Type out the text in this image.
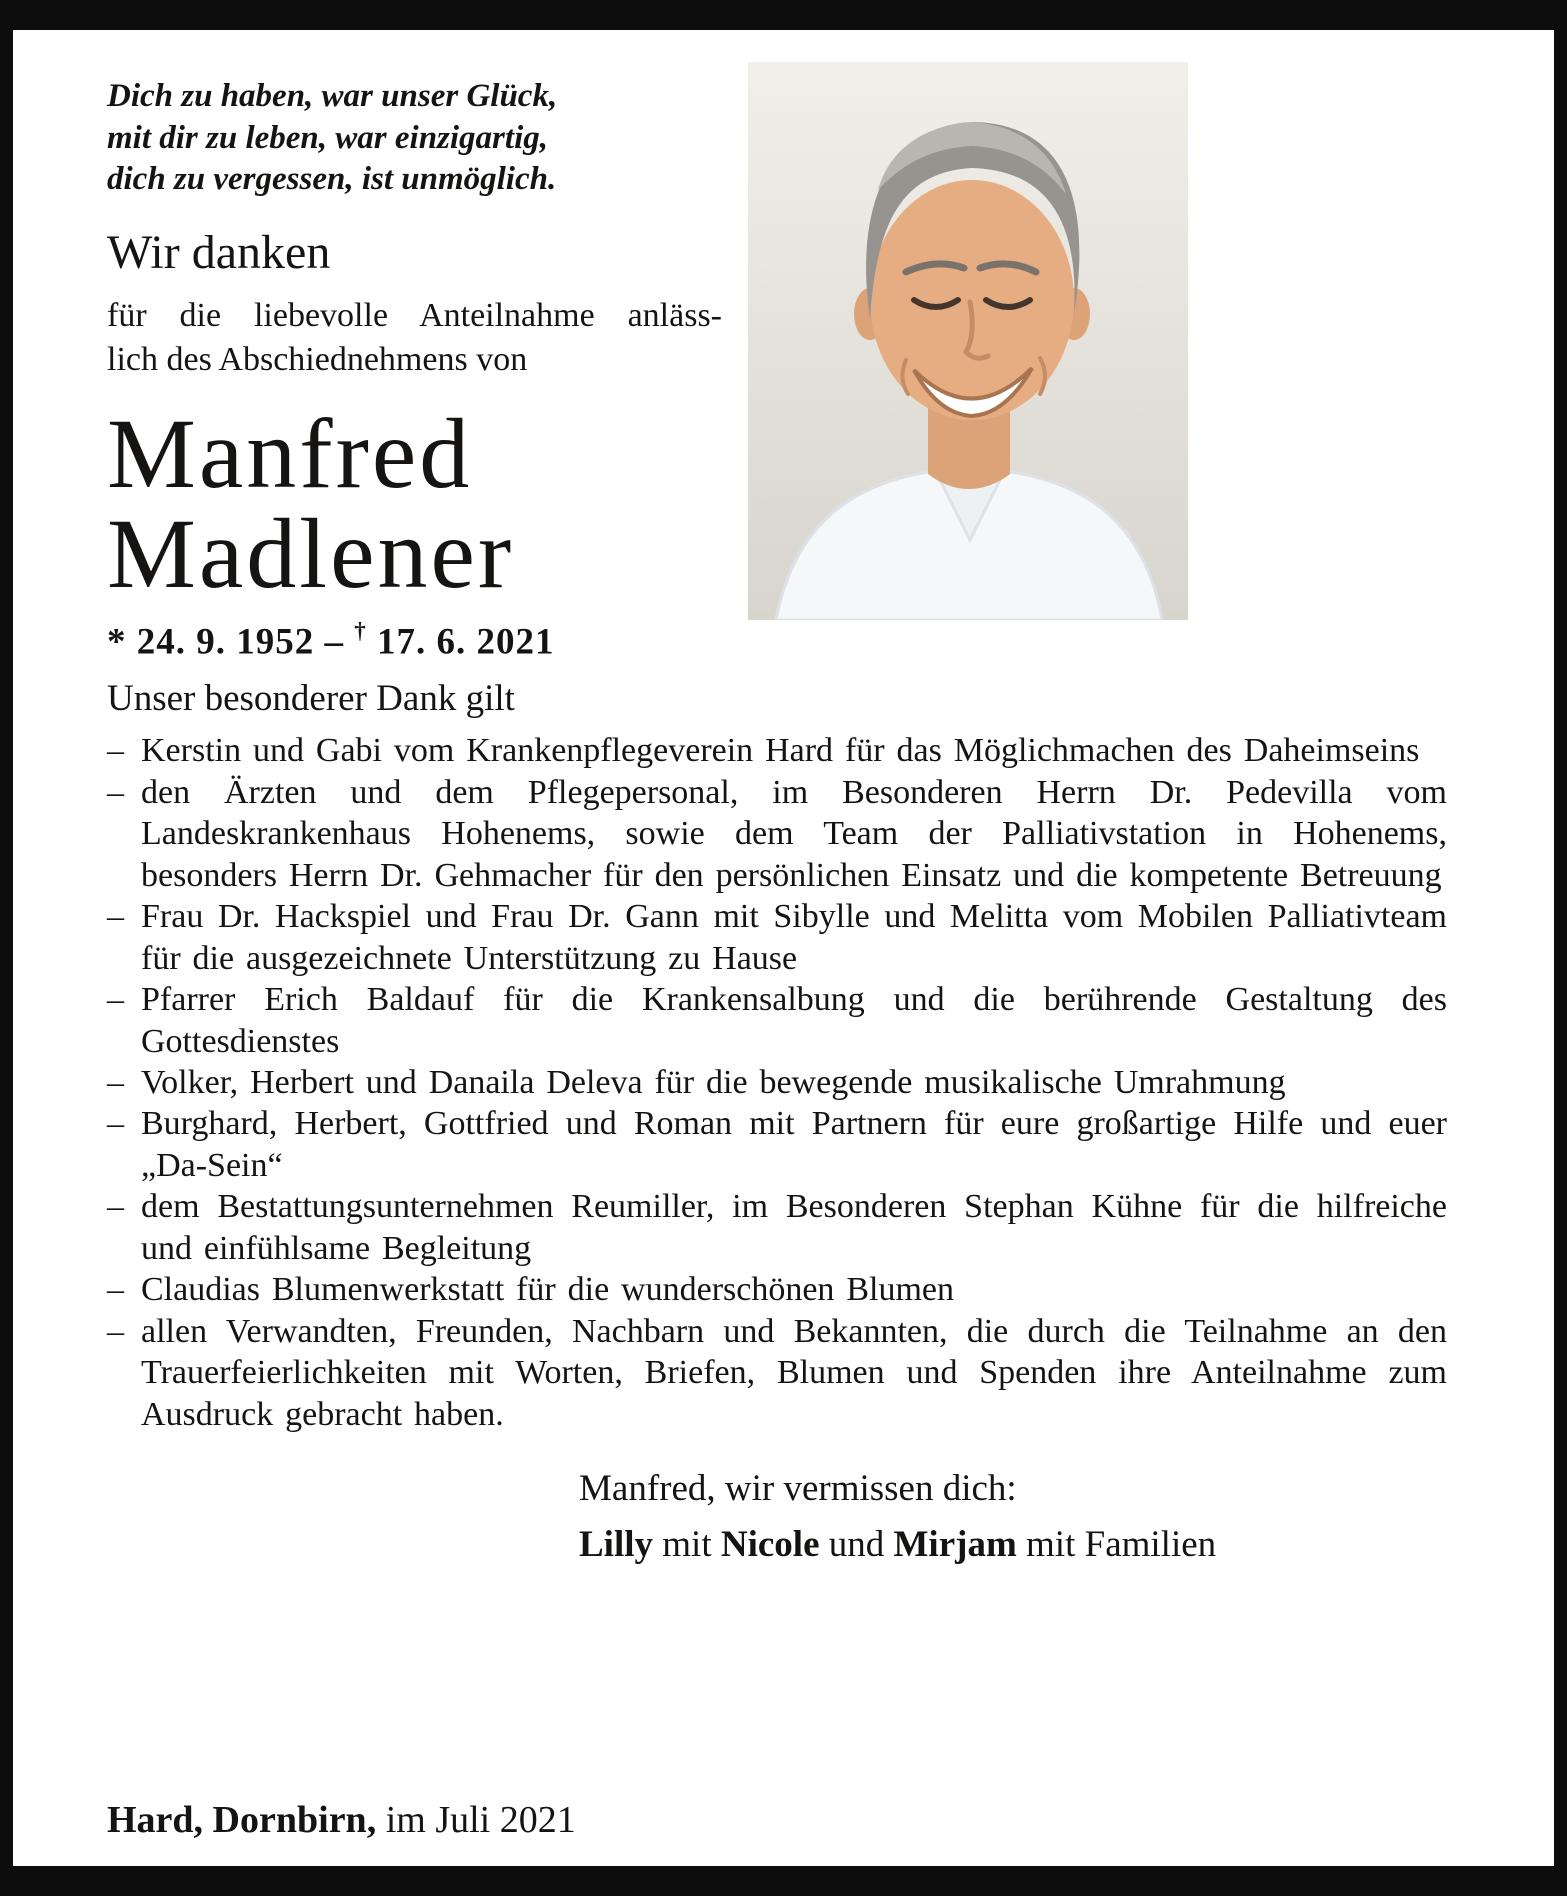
Dich zu haben, war unser Glück,
mit dir zu leben, war einzigartig,
dich zu vergessen, ist unmöglich.
Wir danken
für die liebevolle Anteilnahme anläss-
lich des Abschiednehmens von
Manfred
Madlener
* 24. 9. 1952 – † 17. 6. 2021
Unser besonderer Dank gilt
– Kerstin und Gabi vom Krankenpflegeverein Hard für das Möglichmachen des Daheimseins
– den Ärzten und dem Pflegepersonal, im Besonderen Herrn Dr. Pedevilla vom Landeskrankenhaus Hohenems, sowie dem Team der Palliativstation in Hohenems, besonders Herrn Dr. Gehmacher für den persönlichen Einsatz und die kompetente Betreuung
– Frau Dr. Hackspiel und Frau Dr. Gann mit Sibylle und Melitta vom Mobilen Palliativteam für die ausgezeichnete Unterstützung zu Hause
– Pfarrer Erich Baldauf für die Krankensalbung und die berührende Gestaltung des Gottesdienstes
– Volker, Herbert und Danaila Deleva für die bewegende musikalische Umrahmung
– Burghard, Herbert, Gottfried und Roman mit Partnern für eure großartige Hilfe und euer „Da-Sein“
– dem Bestattungsunternehmen Reumiller, im Besonderen Stephan Kühne für die hilfreiche und einfühlsame Begleitung
– Claudias Blumenwerkstatt für die wunderschönen Blumen
– allen Verwandten, Freunden, Nachbarn und Bekannten, die durch die Teilnahme an den Trauerfeierlichkeiten mit Worten, Briefen, Blumen und Spenden ihre Anteilnahme zum Ausdruck gebracht haben.
Manfred, wir vermissen dich:
Lilly mit Nicole und Mirjam mit Familien
Hard, Dornbirn, im Juli 2021
